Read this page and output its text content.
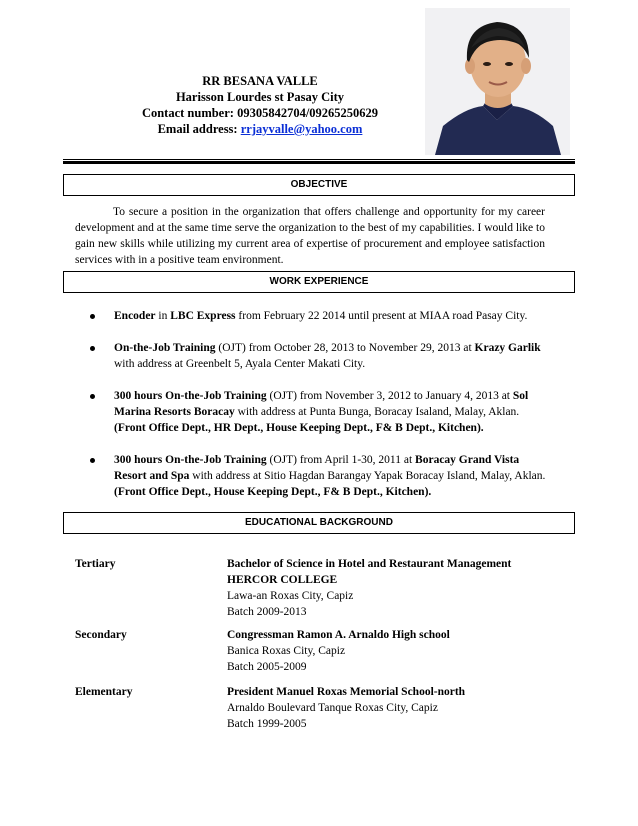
RR BESANA VALLE
Harisson Lourdes st Pasay City
Contact number: 09305842704/09265250629
Email address: rrjayvalle@yahoo.com
OBJECTIVE
To secure a position in the organization that offers challenge and opportunity for my career development and at the same time serve the organization to the best of my capabilities. I would like to gain new skills while utilizing my current area of expertise of procurement and employee satisfaction services with in a positive team environment.
WORK EXPERIENCE
Encoder in LBC Express from February 22 2014 until present at MIAA road Pasay City.
On-the-Job Training (OJT) from October 28, 2013 to November 29, 2013 at Krazy Garlik with address at Greenbelt 5, Ayala Center Makati City.
300 hours On-the-Job Training (OJT) from November 3, 2012 to January 4, 2013 at Sol Marina Resorts Boracay with address at Punta Bunga, Boracay Isaland, Malay, Aklan.(Front Office Dept., HR Dept., House Keeping Dept., F& B Dept., Kitchen).
300 hours On-the-Job Training (OJT) from April 1-30, 2011 at Boracay Grand Vista Resort and Spa with address at Sitio Hagdan Barangay Yapak Boracay Island, Malay, Aklan.(Front Office Dept., House Keeping Dept., F& B Dept., Kitchen).
EDUCATIONAL BACKGROUND
Tertiary	Bachelor of Science in Hotel and Restaurant Management
HERCOR COLLEGE
Lawa-an Roxas City, Capiz
Batch 2009-2013
Secondary	Congressman Ramon A. Arnaldo High school
Banica Roxas City, Capiz
Batch 2005-2009
Elementary	President Manuel Roxas Memorial School-north
Arnaldo Boulevard Tanque Roxas City, Capiz
Batch 1999-2005
